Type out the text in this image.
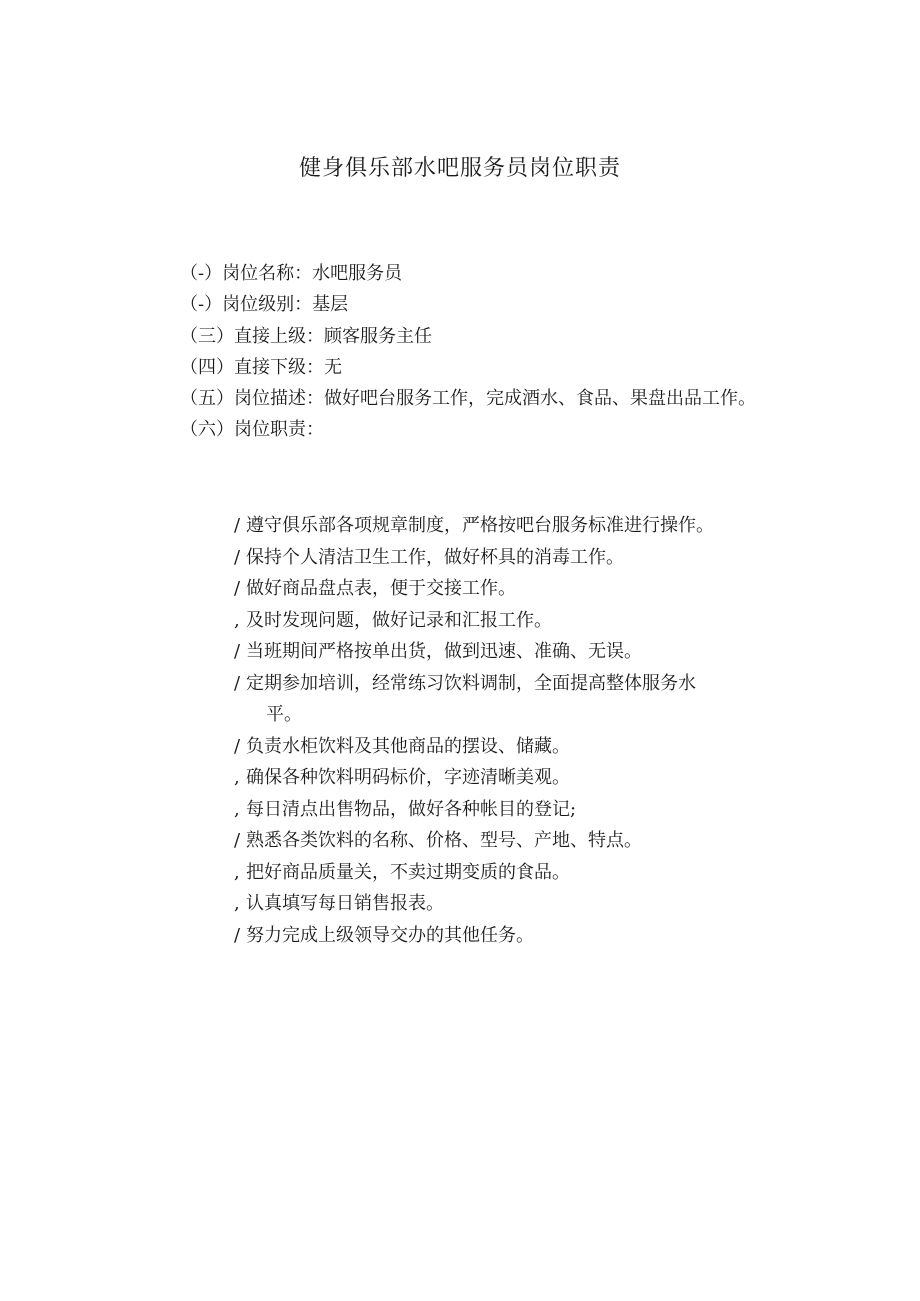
健身俱乐部水吧服务员岗位职责

（-）岗位名称：水吧服务员

（-）岗位级别：基层

（三）直接上级：顾客服务主任

（四）直接下级：无

（五）岗位描述：做好吧台服务工作，完成酒水、食品、果盘出品工作。

（六）岗位职责：

/ 遵守俱乐部各项规章制度，严格按吧台服务标准进行操作。
/ 保持个人清洁卫生工作，做好杯具的消毒工作。
/ 做好商品盘点表，便于交接工作。
, 及时发现问题，做好记录和汇报工作。
/ 当班期间严格按单出货，做到迅速、准确、无误。
/ 定期参加培训，经常练习饮料调制，全面提高整体服务水
平。
/ 负责水柜饮料及其他商品的摆设、储藏。
, 确保各种饮料明码标价，字迹清晰美观。
, 每日清点出售物品，做好各种帐目的登记;
/ 熟悉各类饮料的名称、价格、型号、产地、特点。
, 把好商品质量关，不卖过期变质的食品。
, 认真填写每日销售报表。
/ 努力完成上级领导交办的其他任务。
